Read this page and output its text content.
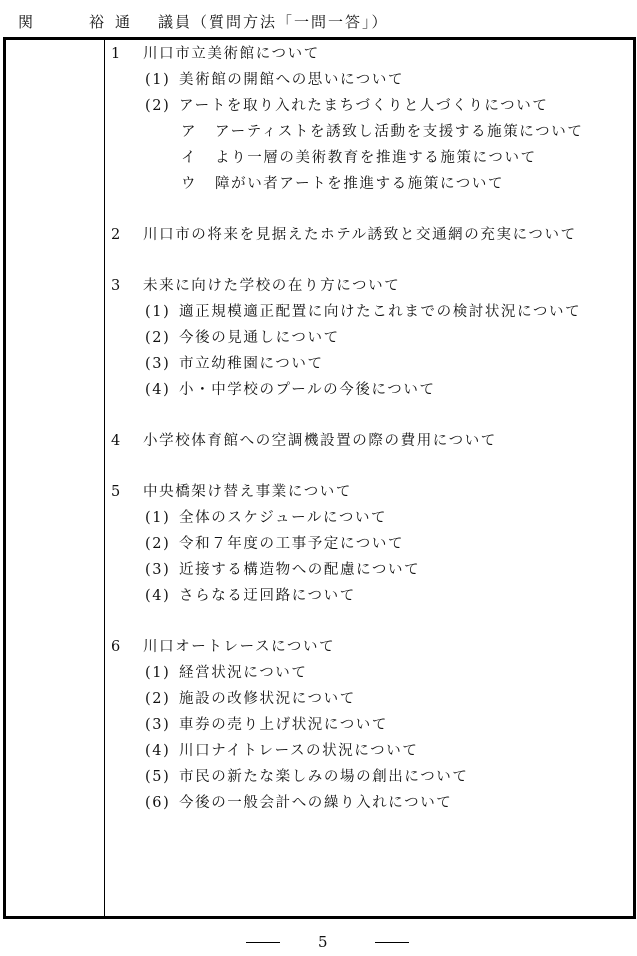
関	裕通 議員（質問方法「一問一答」）
1 川口市立美術館について
(1) 美術館の開館への思いについて
(2) アートを取り入れたまちづくりと人づくりについて
ア アーティストを誘致し活動を支援する施策について
イ より一層の美術教育を推進する施策について
ウ 障がい者アートを推進する施策について
2 川口市の将来を見据えたホテル誘致と交通網の充実について
3 未来に向けた学校の在り方について
(1) 適正規模適正配置に向けたこれまでの検討状況について
(2) 今後の見通しについて
(3) 市立幼稚園について
(4) 小・中学校のプールの今後について
4 小学校体育館への空調機設置の際の費用について
5 中央橋架け替え事業について
(1) 全体のスケジュールについて
(2) 令和７年度の工事予定について
(3) 近接する構造物への配慮について
(4) さらなる迂回路について
6 川口オートレースについて
(1) 経営状況について
(2) 施設の改修状況について
(3) 車券の売り上げ状況について
(4) 川口ナイトレースの状況について
(5) 市民の新たな楽しみの場の創出について
(6) 今後の一般会計への繰り入れについて
5
